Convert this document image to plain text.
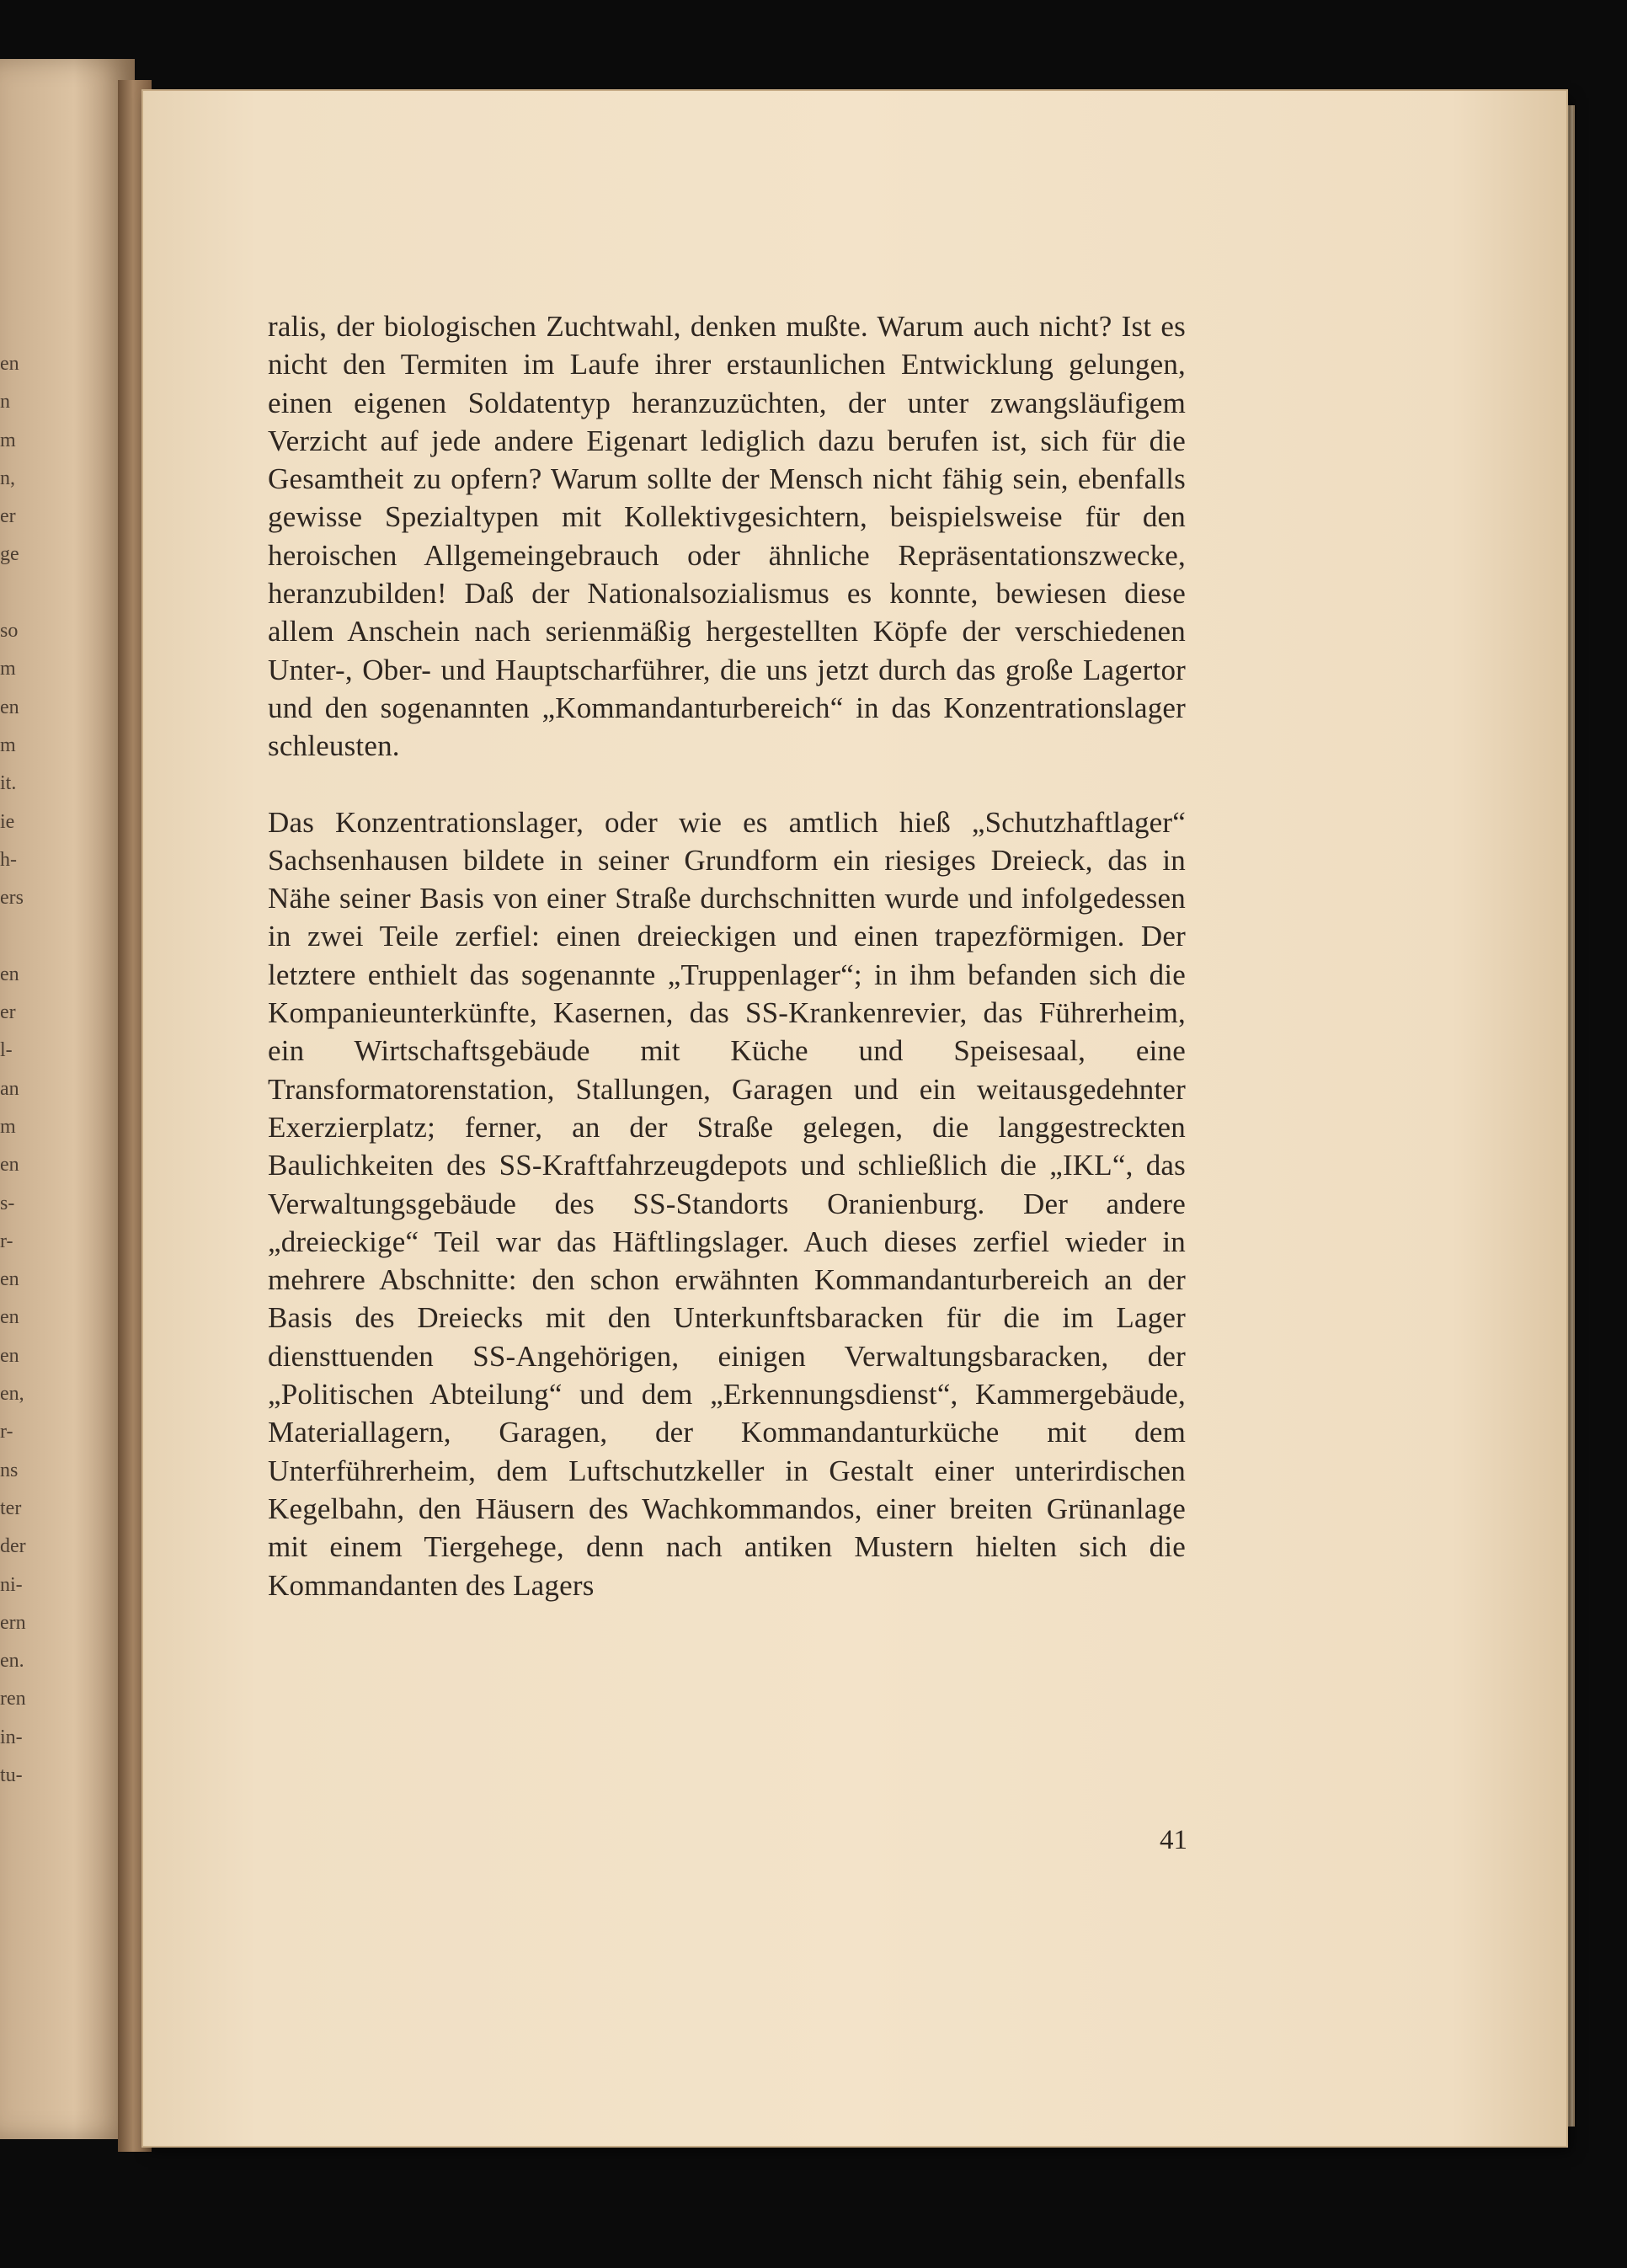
en
n
m
n,
er
ge

so
m
en
m
it.
ie
h-
ers

en
er
l-
an
m
en
s-
r-
en
en
en
en,
r-
ns
ter
der
ni-
ern
en.
ren
in-
tu-

ralis, der biologischen Zuchtwahl, denken mußte. Warum auch nicht? Ist es nicht den Termiten im Laufe ihrer erstaunlichen Entwicklung gelungen, einen eigenen Soldatentyp heranzuzüchten, der unter zwangsläufigem Verzicht auf jede andere Eigenart lediglich dazu berufen ist, sich für die Gesamtheit zu opfern? Warum sollte der Mensch nicht fähig sein, ebenfalls gewisse Spezialtypen mit Kollektivgesichtern, beispielsweise für den heroischen Allgemeingebrauch oder ähnliche Repräsentationszwecke, heranzubilden! Daß der Nationalsozialismus es konnte, bewiesen diese allem Anschein nach serienmäßig hergestellten Köpfe der verschiedenen Unter-, Ober- und Hauptscharführer, die uns jetzt durch das große Lagertor und den sogenannten „Kommandanturbereich“ in das Konzentrationslager schleusten.

Das Konzentrationslager, oder wie es amtlich hieß „Schutzhaftlager“ Sachsenhausen bildete in seiner Grundform ein riesiges Dreieck, das in Nähe seiner Basis von einer Straße durchschnitten wurde und infolgedessen in zwei Teile zerfiel: einen dreieckigen und einen trapezförmigen. Der letztere enthielt das sogenannte „Truppenlager“; in ihm befanden sich die Kompanieunterkünfte, Kasernen, das SS-Krankenrevier, das Führerheim, ein Wirtschaftsgebäude mit Küche und Speisesaal, eine Transformatorenstation, Stallungen, Garagen und ein weitausgedehnter Exerzierplatz; ferner, an der Straße gelegen, die langgestreckten Baulichkeiten des SS-Kraftfahrzeugdepots und schließlich die „IKL“, das Verwaltungsgebäude des SS-Standorts Oranienburg. Der andere „dreieckige“ Teil war das Häftlingslager. Auch dieses zerfiel wieder in mehrere Abschnitte: den schon erwähnten Kommandanturbereich an der Basis des Dreiecks mit den Unterkunftsbaracken für die im Lager diensttuenden SS-Angehörigen, einigen Verwaltungsbaracken, der „Politischen Abteilung“ und dem „Erkennungsdienst“, Kammergebäude, Materiallagern, Garagen, der Kommandanturküche mit dem Unterführerheim, dem Luftschutzkeller in Gestalt einer unterirdischen Kegelbahn, den Häusern des Wachkommandos, einer breiten Grünanlage mit einem Tiergehege, denn nach antiken Mustern hielten sich die Kommandanten des Lagers

41
